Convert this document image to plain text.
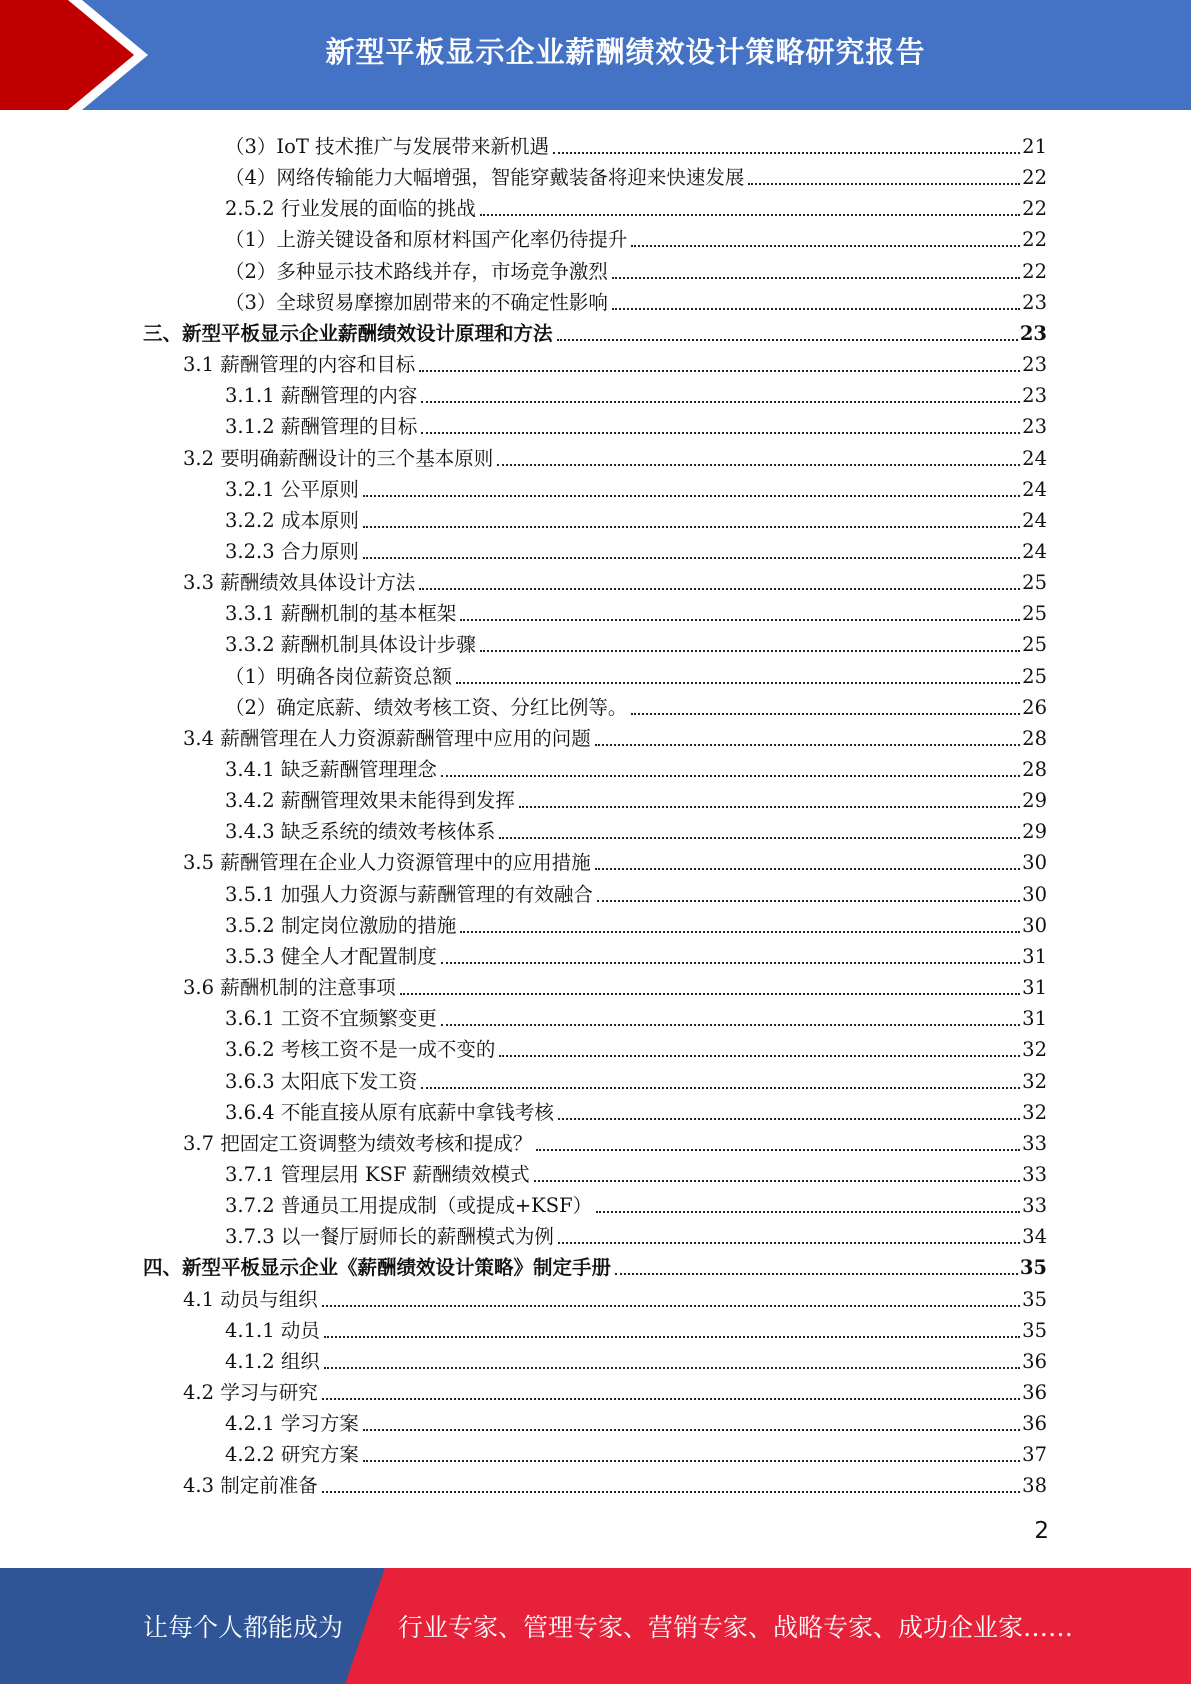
新型平板显示企业薪酬绩效设计策略研究报告
（3）IoT 技术推广与发展带来新机遇	21
（4）网络传输能力大幅增强，智能穿戴装备将迎来快速发展	22
2.5.2 行业发展的面临的挑战	22
（1）上游关键设备和原材料国产化率仍待提升	22
（2）多种显示技术路线并存，市场竞争激烈	22
（3）全球贸易摩擦加剧带来的不确定性影响	23
三、新型平板显示企业薪酬绩效设计原理和方法	23
3.1 薪酬管理的内容和目标	23
3.1.1 薪酬管理的内容	23
3.1.2 薪酬管理的目标	23
3.2 要明确薪酬设计的三个基本原则	24
3.2.1 公平原则	24
3.2.2 成本原则	24
3.2.3 合力原则	24
3.3 薪酬绩效具体设计方法	25
3.3.1 薪酬机制的基本框架	25
3.3.2 薪酬机制具体设计步骤	25
（1）明确各岗位薪资总额	25
（2）确定底薪、绩效考核工资、分红比例等。	26
3.4 薪酬管理在人力资源薪酬管理中应用的问题	28
3.4.1 缺乏薪酬管理理念	28
3.4.2 薪酬管理效果未能得到发挥	29
3.4.3 缺乏系统的绩效考核体系	29
3.5 薪酬管理在企业人力资源管理中的应用措施	30
3.5.1 加强人力资源与薪酬管理的有效融合	30
3.5.2 制定岗位激励的措施	30
3.5.3 健全人才配置制度	31
3.6 薪酬机制的注意事项	31
3.6.1 工资不宜频繁变更	31
3.6.2 考核工资不是一成不变的	32
3.6.3 太阳底下发工资	32
3.6.4 不能直接从原有底薪中拿钱考核	32
3.7 把固定工资调整为绩效考核和提成？	33
3.7.1 管理层用 KSF 薪酬绩效模式	33
3.7.2 普通员工用提成制（或提成+KSF）	33
3.7.3 以一餐厅厨师长的薪酬模式为例	34
四、新型平板显示企业《薪酬绩效设计策略》制定手册	35
4.1 动员与组织	35
4.1.1 动员	35
4.1.2 组织	36
4.2 学习与研究	36
4.2.1 学习方案	36
4.2.2 研究方案	37
4.3 制定前准备	38
2
让每个人都能成为 行业专家、管理专家、营销专家、战略专家、成功企业家……
